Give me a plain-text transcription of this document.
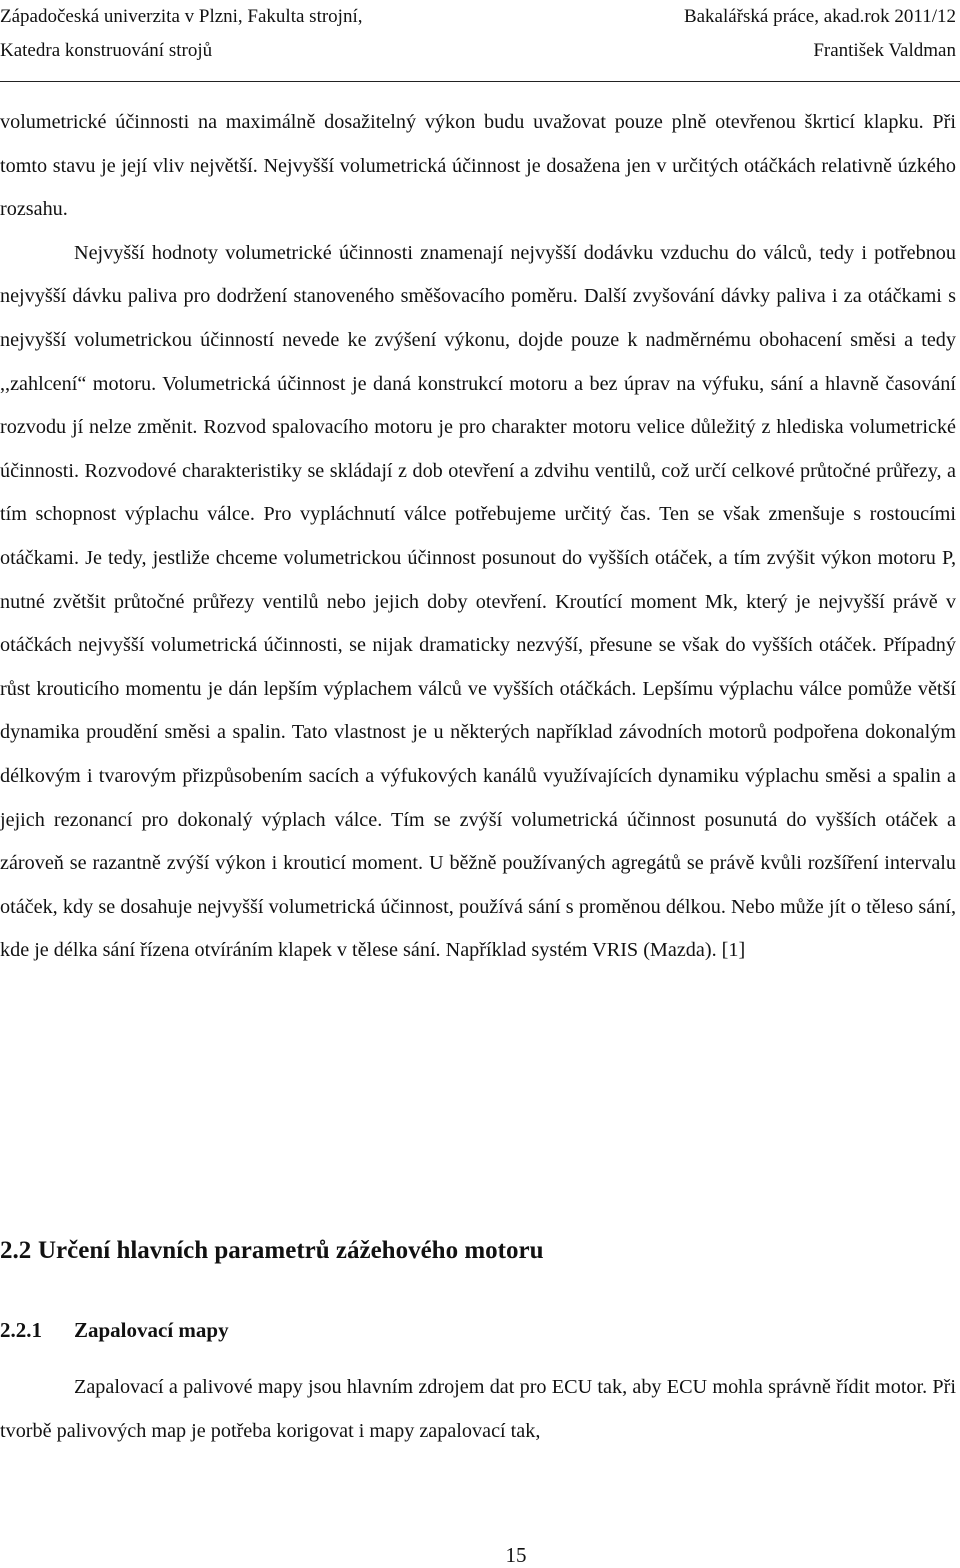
Západočeská univerzita v Plzni, Fakulta strojní,	Bakalářská práce, akad.rok 2011/12
Katedra konstruování strojů	František Valdman

volumetrické účinnosti na maximálně dosažitelný výkon budu uvažovat pouze plně otevřenou škrticí klapku. Při tomto stavu je její vliv největší. Nejvyšší volumetrická účinnost je dosažena jen v určitých otáčkách relativně úzkého rozsahu.

Nejvyšší hodnoty volumetrické účinnosti znamenají nejvyšší dodávku vzduchu do válců, tedy i potřebnou nejvyšší dávku paliva pro dodržení stanoveného směšovacího poměru. Další zvyšování dávky paliva i za otáčkami s nejvyšší volumetrickou účinností nevede ke zvýšení výkonu, dojde pouze k nadměrnému obohacení směsi a tedy ,,zahlcení“ motoru. Volumetrická účinnost je daná konstrukcí motoru a bez úprav na výfuku, sání a hlavně časování rozvodu jí nelze změnit. Rozvod spalovacího motoru je pro charakter motoru velice důležitý z hlediska volumetrické účinnosti. Rozvodové charakteristiky se skládají z dob otevření a zdvihu ventilů, což určí celkové průtočné průřezy, a tím schopnost výplachu válce. Pro vypláchnutí válce potřebujeme určitý čas. Ten se však zmenšuje s rostoucími otáčkami. Je tedy, jestliže chceme volumetrickou účinnost posunout do vyšších otáček, a tím zvýšit výkon motoru P, nutné zvětšit průtočné průřezy ventilů nebo jejich doby otevření. Kroutící moment Mk, který je nejvyšší právě v otáčkách nejvyšší volumetrická účinnosti, se nijak dramaticky nezvýší, přesune se však do vyšších otáček. Případný růst krouticího momentu je dán lepším výplachem válců ve vyšších otáčkách. Lepšímu výplachu válce pomůže větší dynamika proudění směsi a spalin. Tato vlastnost je u některých například závodních motorů podpořena dokonalým délkovým i tvarovým přizpůsobením sacích a výfukových kanálů využívajících dynamiku výplachu směsi a spalin a jejich rezonancí pro dokonalý výplach válce. Tím se zvýší volumetrická účinnost posunutá do vyšších otáček a zároveň se razantně zvýší výkon i krouticí moment. U běžně používaných agregátů se právě kvůli rozšíření intervalu otáček, kdy se dosahuje nejvyšší volumetrická účinnost, používá sání s proměnou délkou. Nebo může jít o těleso sání, kde je délka sání řízena otvíráním klapek v tělese sání. Například systém VRIS (Mazda). [1]

2.2 Určení hlavních parametrů zážehového motoru
2.2.1 Zapalovací mapy

Zapalovací a palivové mapy jsou hlavním zdrojem dat pro ECU tak, aby ECU mohla správně řídit motor. Při tvorbě palivových map je potřeba korigovat i mapy zapalovací tak,

15
